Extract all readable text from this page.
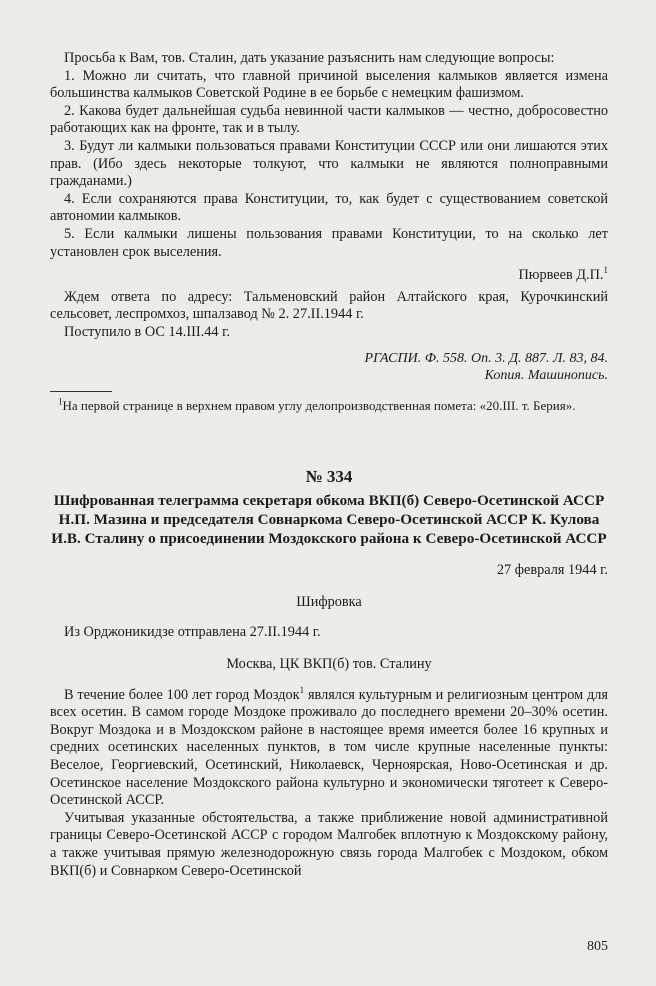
Просьба к Вам, тов. Сталин, дать указание разъяснить нам следующие вопросы:

1. Можно ли считать, что главной причиной выселения калмыков является измена большинства калмыков Советской Родине в ее борьбе с немецким фашизмом.

2. Какова будет дальнейшая судьба невинной части калмыков — честно, добросовестно работающих как на фронте, так и в тылу.

3. Будут ли калмыки пользоваться правами Конституции СССР или они лишаются этих прав. (Ибо здесь некоторые толкуют, что калмыки не являются полноправными гражданами.)

4. Если сохраняются права Конституции, то, как будет с существованием советской автономии калмыков.

5. Если калмыки лишены пользования правами Конституции, то на сколько лет установлен срок выселения.

Пюрвеев Д.П.$^1$

Ждем ответа по адресу: Тальменовский район Алтайского края, Курочкинский сельсовет, леспромхоз, шпалзавод № 2. 27.II.1944 г.

Поступило в ОС 14.III.44 г.

РГАСПИ. Ф. 558. Оп. 3. Д. 887. Л. 83, 84.
Копия. Машинопись.

$^1$На первой странице в верхнем правом углу делопроизводственная помета: «20.III. т. Берия».

№ 334
Шифрованная телеграмма секретаря обкома ВКП(б) Северо-Осетинской АССР Н.П. Мазина и председателя Совнаркома Северо-Осетинской АССР К. Кулова И.В. Сталину о присоединении Моздокского района к Северо-Осетинской АССР

27 февраля 1944 г.

Шифровка

Из Орджоникидзе отправлена 27.II.1944 г.

Москва, ЦК ВКП(б) тов. Сталину

В течение более 100 лет город Моздок$^1$ являлся культурным и религиозным центром для всех осетин. В самом городе Моздоке проживало до последнего времени 20–30% осетин. Вокруг Моздока и в Моздокском районе в настоящее время имеется более 16 крупных и средних осетинских населенных пунктов, в том числе крупные населенные пункты: Веселое, Георгиевский, Осетинский, Николаевск, Черноярская, Ново-Осетинская и др. Осетинское население Моздокского района культурно и экономически тяготеет к Северо-Осетинской АССР.

Учитывая указанные обстоятельства, а также приближение новой административной границы Северо-Осетинской АССР с городом Малгобек вплотную к Моздокскому району, а также учитывая прямую железнодорожную связь города Малгобек с Моздоком, обком ВКП(б) и Совнарком Северо-Осетинской

805
